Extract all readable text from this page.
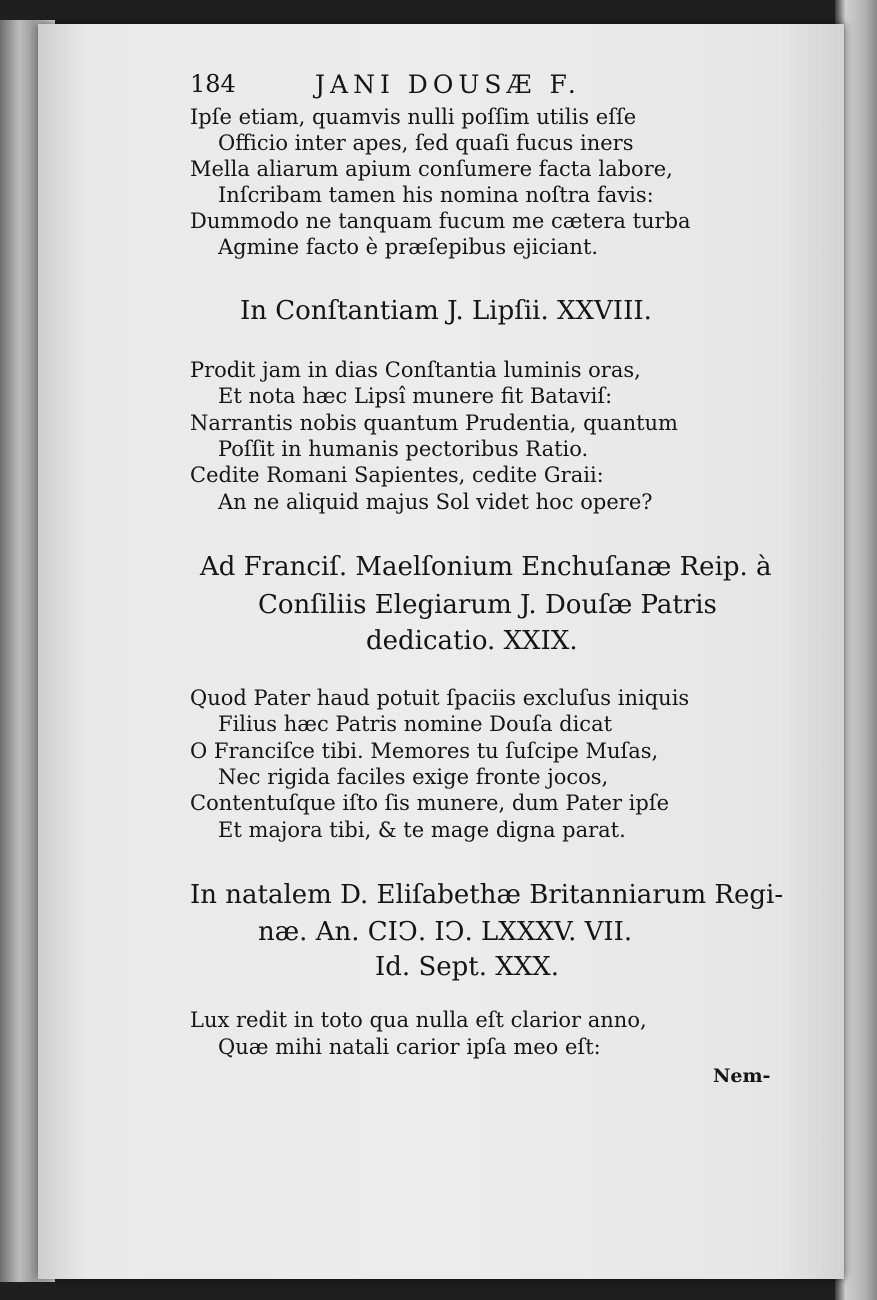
184	JANI DOUSÆ F.
Ipſe etiam, quamvis nulli poſſim utilis eſſe
Officio inter apes, ſed quaſi fucus iners
Mella aliarum apium conſumere facta labore,
Inſcribam tamen his nomina noſtra favis:
Dummodo ne tanquam fucum me cætera turba
Agmine facto è præſepibus ejiciant.
In Conſtantiam J. Lipſii. XXVIII.
Prodit jam in dias Conſtantia luminis oras,
Et nota hæc Lipsî munere fit Bataviſ:
Narrantis nobis quantum Prudentia, quantum
Poſſit in humanis pectoribus Ratio.
Cedite Romani Sapientes, cedite Graii:
An ne aliquid majus Sol videt hoc opere?
Ad Franciſ. Maelſonium Enchuſanæ Reip. à
Conſiliis Elegiarum J. Douſæ Patris
dedicatio. XXIX.
Quod Pater haud potuit ſpaciis excluſus iniquis
Filius hæc Patris nomine Douſa dicat
O Franciſce tibi. Memores tu ſuſcipe Muſas,
Nec rigida faciles exige fronte jocos,
Contentuſque iſto ſis munere, dum Pater ipſe
Et majora tibi, & te mage digna parat.
In natalem D. Eliſabethæ Britanniarum Regi-
næ. An. CIↃ. IↃ. LXXXV. VII.
Id. Sept. XXX.
Lux redit in toto qua nulla eſt clarior anno,
Quæ mihi natali carior ipſa meo eſt:
Nem-
